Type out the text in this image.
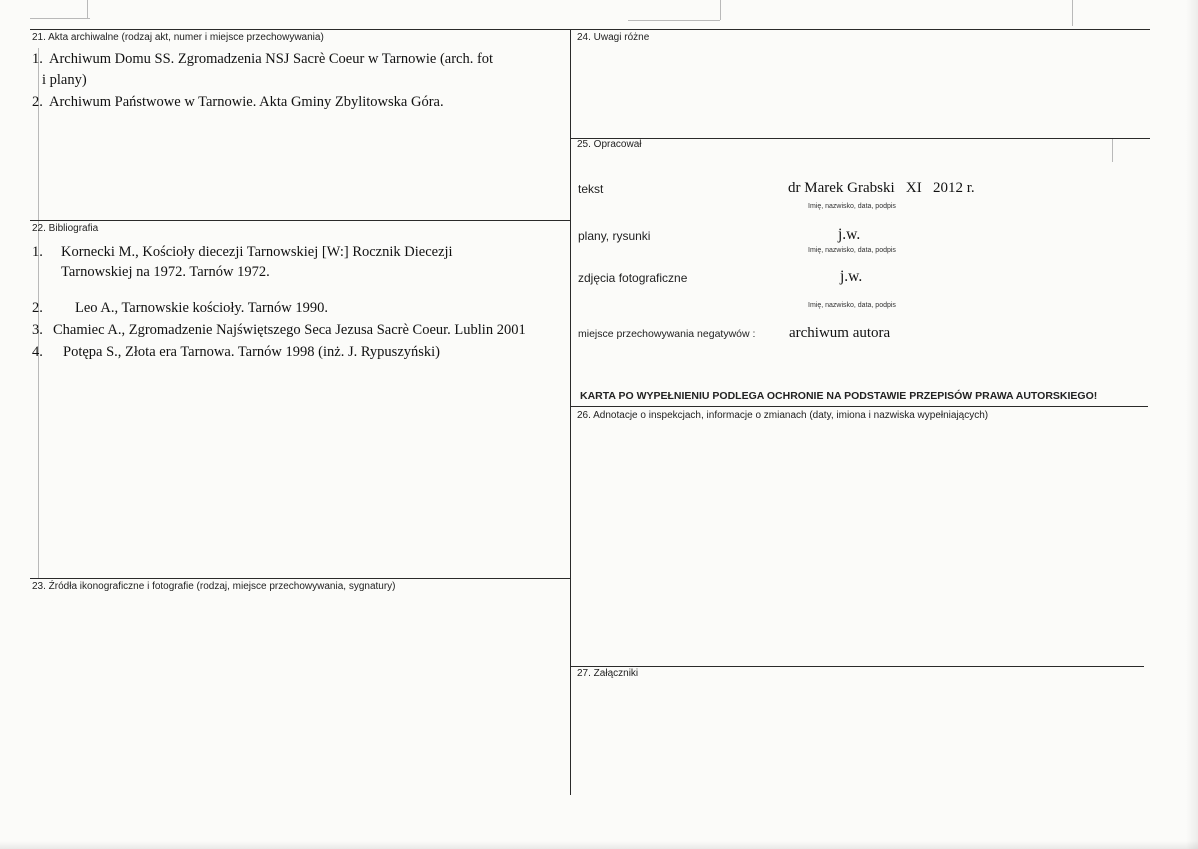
21. Akta archiwalne (rodzaj akt, numer i miejsce przechowywania)
1. Archiwum Domu SS. Zgromadzenia NSJ Sacrè Coeur w Tarnowie (arch. fot
i plany)
2. Archiwum Państwowe w Tarnowie. Akta Gminy Zbylitowska Góra.
22. Bibliografia
1. Kornecki M., Kościoły diecezji Tarnowskiej [W:] Rocznik Diecezji
Tarnowskiej na 1972. Tarnów 1972.
2. Leo A., Tarnowskie kościoły. Tarnów 1990.
3. Chamiec A., Zgromadzenie Najświętszego Seca Jezusa Sacrè Coeur. Lublin 2001
4. Potępa S., Złota era Tarnowa. Tarnów 1998 (inż. J. Rypuszyński)
23. Źródła ikonograficzne i fotografie (rodzaj, miejsce przechowywania, sygnatury)
24. Uwagi różne
25. Opracował
tekst	dr Marek Grabski   XI   2012 r.
Imię, nazwisko, data, podpis
plany, rysunki	j.w.
Imię, nazwisko, data, podpis
zdjęcia fotograficzne	j.w.
Imię, nazwisko, data, podpis
miejsce przechowywania negatywów : archiwum autora
KARTA PO WYPEŁNIENIU PODLEGA OCHRONIE NA PODSTAWIE PRZEPISÓW PRAWA AUTORSKIEGO!
26. Adnotacje o inspekcjach, informacje o zmianach (daty, imiona i nazwiska wypełniających)
27. Załączniki
